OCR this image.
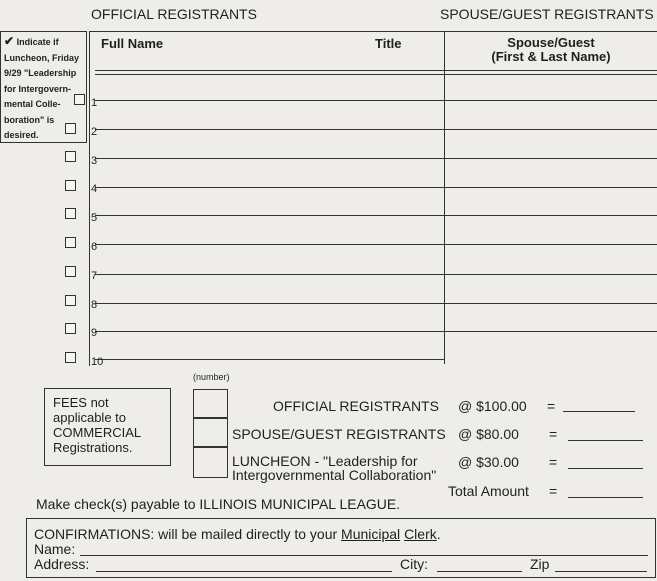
OFFICIAL REGISTRANTS	SPOUSE/GUEST REGISTRANTS
✔ Indicate if
Luncheon, Friday
9/29 "Leadership
for Intergovern-
mental Colle-
boration" is
desired.
Full Name	Title	Spouse/Guest
(First & Last Name)
1
2
3
4
5
6
7
8
9
10
(number)
FEES not
applicable to
COMMERCIAL
Registrations.
OFFICIAL REGISTRANTS @ $100.00 =
SPOUSE/GUEST REGISTRANTS @ $80.00 =
LUNCHEON - "Leadership for
Intergovernmental Collaboration"
@ $30.00 =
Total Amount =
Make check(s) payable to ILLINOIS MUNICIPAL LEAGUE.
CONFIRMATIONS: will be mailed directly to your Municipal Clerk.
Name:
Address:	City:	Zip
